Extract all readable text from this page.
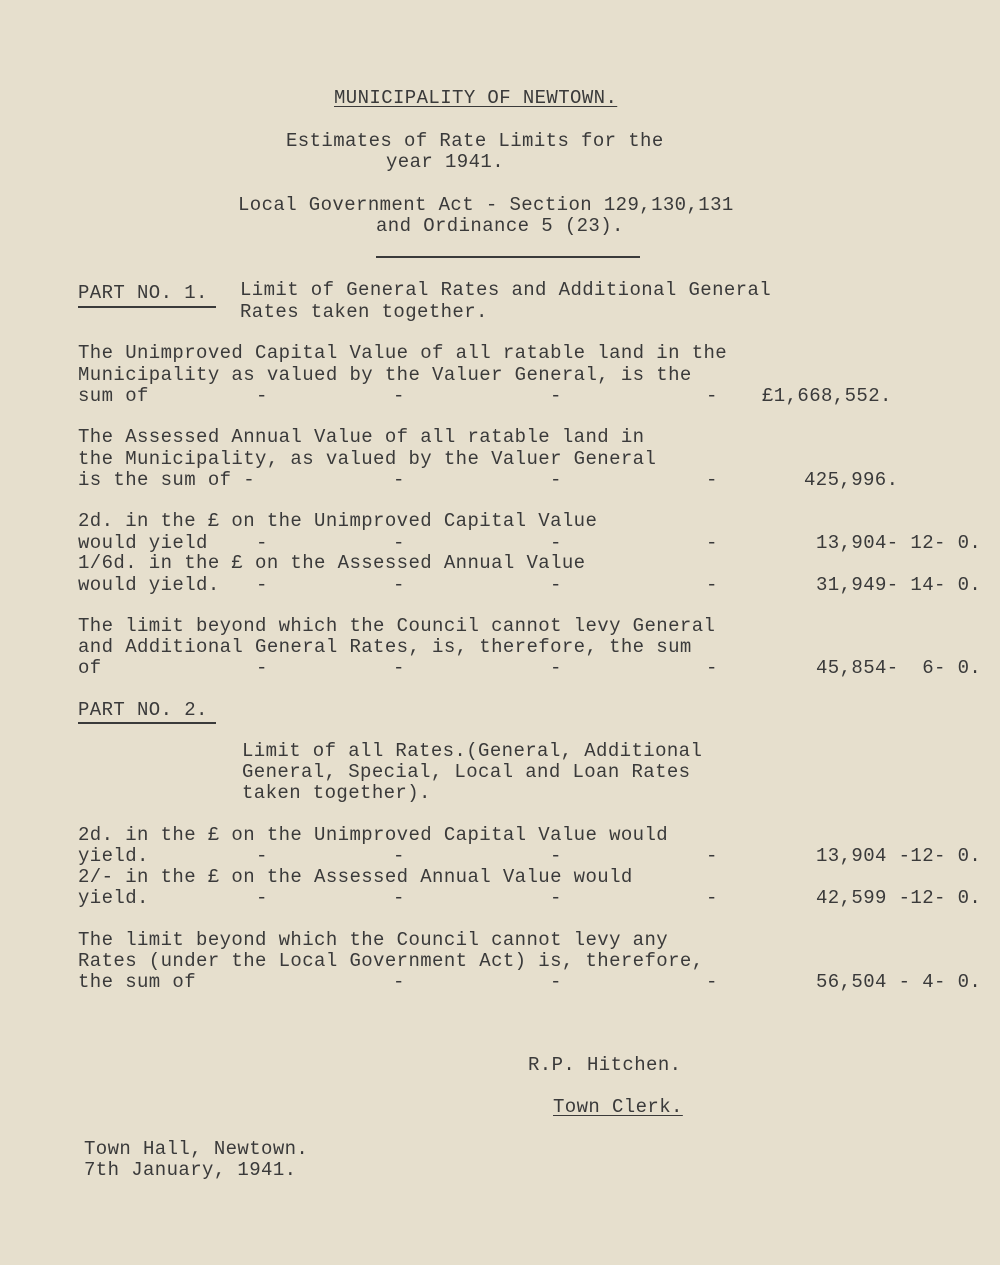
MUNICIPALITY OF NEWTOWN.
Estimates of Rate Limits for the
year 1941.
Local Government Act - Section 129,130,131
and Ordinance 5 (23).
PART NO. 1. Limit of General Rates and Additional General
Rates taken together.
The Unimproved Capital Value of all ratable land in the
Municipality as valued by the Valuer General, is the
sum of	-	-	-	- £1,668,552.
The Assessed Annual Value of all ratable land in
the Municipality, as valued by the Valuer General
is the sum of -	-	-	-	425,996.
2d. in the £ on the Unimproved Capital Value
would yield	-	-	-	-	13,904- 12- 0.
1/6d. in the £ on the Assessed Annual Value
would yield. -	-	-	-	31,949- 14- 0.
The limit beyond which the Council cannot levy General
and Additional General Rates, is, therefore, the sum
of	-	-	-	-	45,854-  6- 0.
PART NO. 2.
Limit of all Rates.(General, Additional
General, Special, Local and Loan Rates
taken together).
2d. in the £ on the Unimproved Capital Value would
yield.	-	-	-	-	13,904 -12- 0.
2/- in the £ on the Assessed Annual Value would
yield.	-	-	-	-	42,599 -12- 0.
The limit beyond which the Council cannot levy any
Rates (under the Local Government Act) is, therefore,
the sum of	-	-	-	56,504 - 4- 0.
R.P. Hitchen.
Town Clerk.
Town Hall, Newtown.
7th January, 1941.
